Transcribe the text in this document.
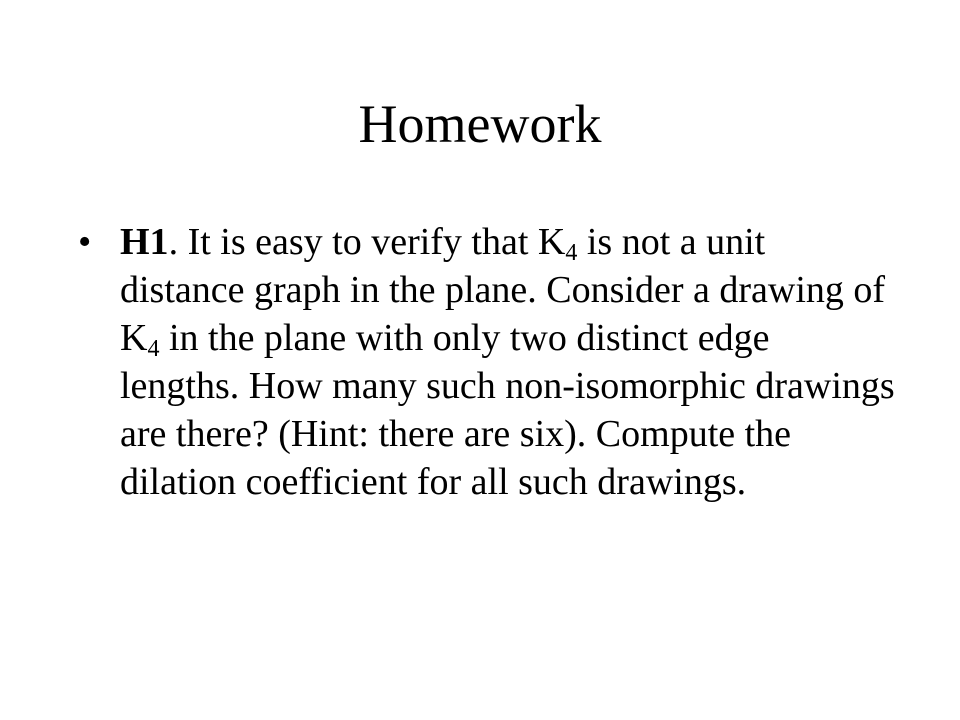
Homework
• H1. It is easy to verify that $K_4$ is not a unit distance graph in the plane. Consider a drawing of $K_4$ in the plane with only two distinct edge lengths. How many such non-isomorphic drawings are there? (Hint: there are six). Compute the dilation coefficient for all such drawings.
